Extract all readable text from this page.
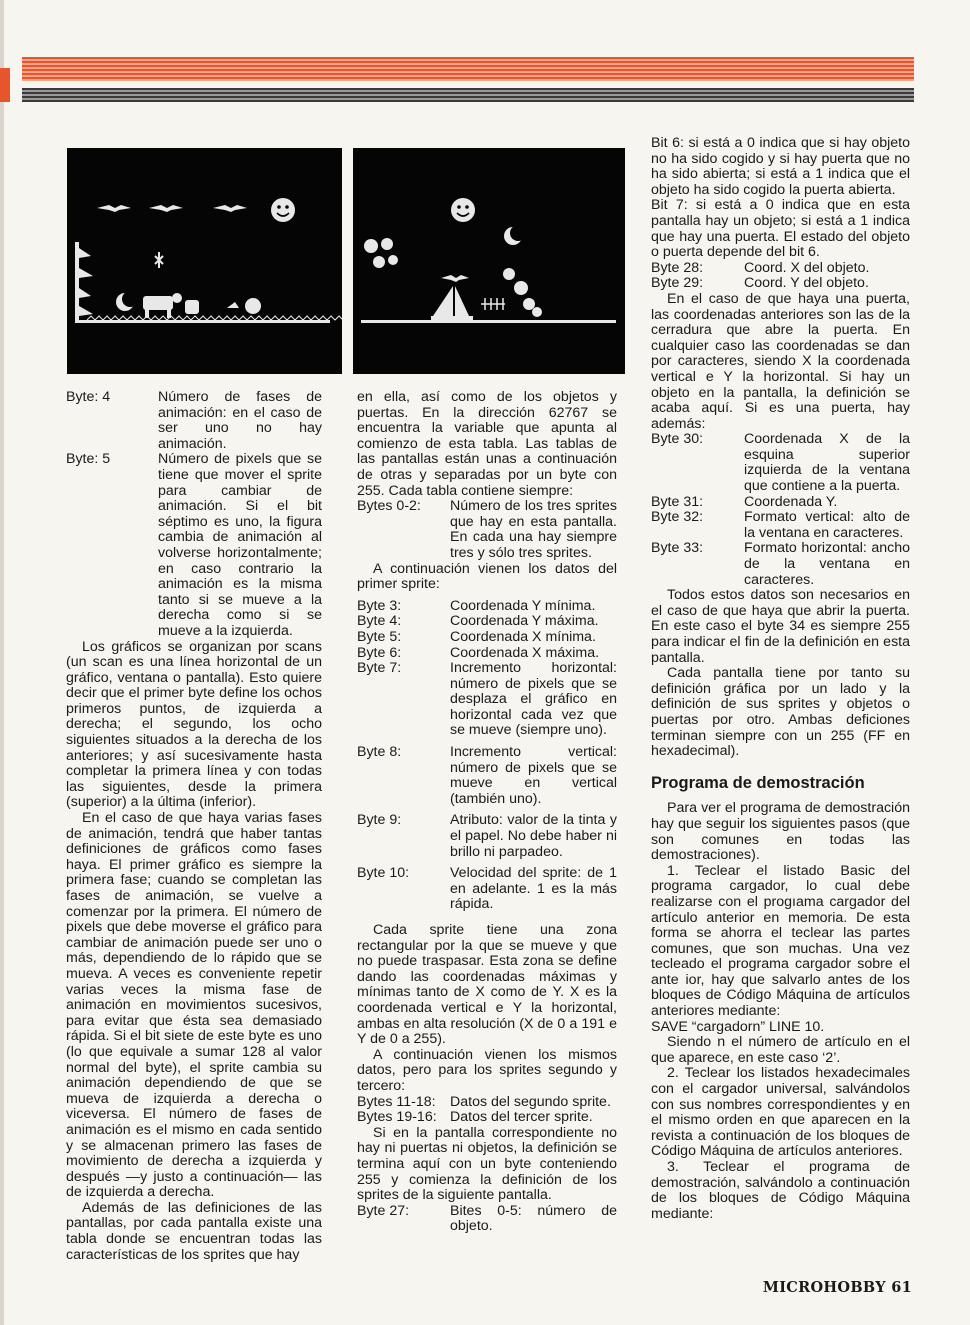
Byte: 4	Número de fases de animación: en el caso de ser uno no hay animación.
Byte: 5	Número de pixels que se tiene que mover el sprite para cambiar de animación. Si el bit séptimo es uno, la figura cambia de animación al volverse horizontalmente; en caso contrario la animación es la misma tanto si se mueve a la derecha como si se mueve a la izquierda.

Los gráficos se organizan por scans (un scan es una línea horizontal de un gráfico, ventana o pantalla). Esto quiere decir que el primer byte define los ochos primeros puntos, de izquierda a derecha; el segundo, los ocho siguientes situados a la derecha de los anteriores; y así sucesivamente hasta completar la primera línea y con todas las siguientes, desde la primera (superior) a la última (inferior).

En el caso de que haya varias fases de animación, tendrá que haber tantas definiciones de gráficos como fases haya. El primer gráfico es siempre la primera fase; cuando se completan las fases de animación, se vuelve a comenzar por la primera. El número de pixels que debe moverse el gráfico para cambiar de animación puede ser uno o más, dependiendo de lo rápido que se mueva. A veces es conveniente repetir varias veces la misma fase de animación en movimientos sucesivos, para evitar que ésta sea demasiado rápida. Si el bit siete de este byte es uno (lo que equivale a sumar 128 al valor normal del byte), el sprite cambia su animación dependiendo de que se mueva de izquierda a derecha o viceversa. El número de fases de animación es el mismo en cada sentido y se almacenan primero las fases de movimiento de derecha a izquierda y después —y justo a continuación— las de izquierda a derecha.

Además de las definiciones de las pantallas, por cada pantalla existe una tabla donde se encuentran todas las características de los sprites que hay

en ella, así como de los objetos y puertas. En la dirección 62767 se encuentra la variable que apunta al comienzo de esta tabla. Las tablas de las pantallas están unas a continuación de otras y separadas por un byte con 255. Cada tabla contiene siempre:

Bytes 0-2:	Número de los tres sprites que hay en esta pantalla. En cada una hay siempre tres y sólo tres sprites.

A continuación vienen los datos del primer sprite:

Byte 3:	Coordenada Y mínima.
Byte 4:	Coordenada Y máxima.
Byte 5:	Coordenada X mínima.
Byte 6:	Coordenada X máxima.
Byte 7:	Incremento horizontal: número de pixels que se desplaza el gráfico en horizontal cada vez que se mueve (siempre uno).
Byte 8:	Incremento vertical: número de pixels que se mueve en vertical (también uno).
Byte 9:	Atributo: valor de la tinta y el papel. No debe haber ni brillo ni parpadeo.
Byte 10:	Velocidad del sprite: de 1 en adelante. 1 es la más rápida.

Cada sprite tiene una zona rectangular por la que se mueve y que no puede traspasar. Esta zona se define dando las coordenadas máximas y mínimas tanto de X como de Y. X es la coordenada vertical e Y la horizontal, ambas en alta resolución (X de 0 a 191 e Y de 0 a 255).

A continuación vienen los mismos datos, pero para los sprites segundo y tercero:

Bytes 11-18:	Datos del segundo sprite.
Bytes 19-16: Datos del tercer sprite.

Si en la pantalla correspondiente no hay ni puertas ni objetos, la definición se termina aquí con un byte conteniendo 255 y comienza la definición de los sprites de la siguiente pantalla.

Byte 27:	Bites 0-5: número de objeto.

Bit 6: si está a 0 indica que si hay objeto no ha sido cogido y si hay puerta que no ha sido abierta; si está a 1 indica que el objeto ha sido cogido la puerta abierta.

Bit 7: si está a 0 indica que en esta pantalla hay un objeto; si está a 1 indica que hay una puerta. El estado del objeto o puerta depende del bit 6.

Byte 28:	Coord. X del objeto.
Byte 29:	Coord. Y del objeto.

En el caso de que haya una puerta, las coordenadas anteriores son las de la cerradura que abre la puerta. En cualquier caso las coordenadas se dan por caracteres, siendo X la coordenada vertical e Y la horizontal. Si hay un objeto en la pantalla, la definición se acaba aquí. Si es una puerta, hay además:

Byte 30:	Coordenada X de la esquina superior izquierda de la ventana que contiene a la puerta.
Byte 31:	Coordenada Y.
Byte 32:	Formato vertical: alto de la ventana en caracteres.
Byte 33:	Formato horizontal: ancho de la ventana en caracteres.

Todos estos datos son necesarios en el caso de que haya que abrir la puerta. En este caso el byte 34 es siempre 255 para indicar el fin de la definición en esta pantalla.

Cada pantalla tiene por tanto su definición gráfica por un lado y la definición de sus sprites y objetos o puertas por otro. Ambas deficiones terminan siempre con un 255 (FF en hexadecimal).

Programa de demostración

Para ver el programa de demostración hay que seguir los siguientes pasos (que son comunes en todas las demostraciones).

1. Teclear el listado Basic del programa cargador, lo cual debe realizarse con el progıama cargador del artículo anterior en memoria. De esta forma se ahorra el teclear las partes comunes, que son muchas. Una vez tecleado el programa cargador sobre el ante ior, hay que salvarlo antes de los bloques de Código Máquina de artículos anteriores mediante:

SAVE “cargadorn” LINE 10.

Siendo n el número de artículo en el que aparece, en este caso ‘2’.

2. Teclear los listados hexadecimales con el cargador universal, salvándolos con sus nombres correspondientes y en el mismo orden en que aparecen en la revista a continuación de los bloques de Código Máquina de artículos anteriores.

3. Teclear el programa de demostración, salvándolo a continuación de los bloques de Código Máquina mediante:

MICROHOBBY 61
